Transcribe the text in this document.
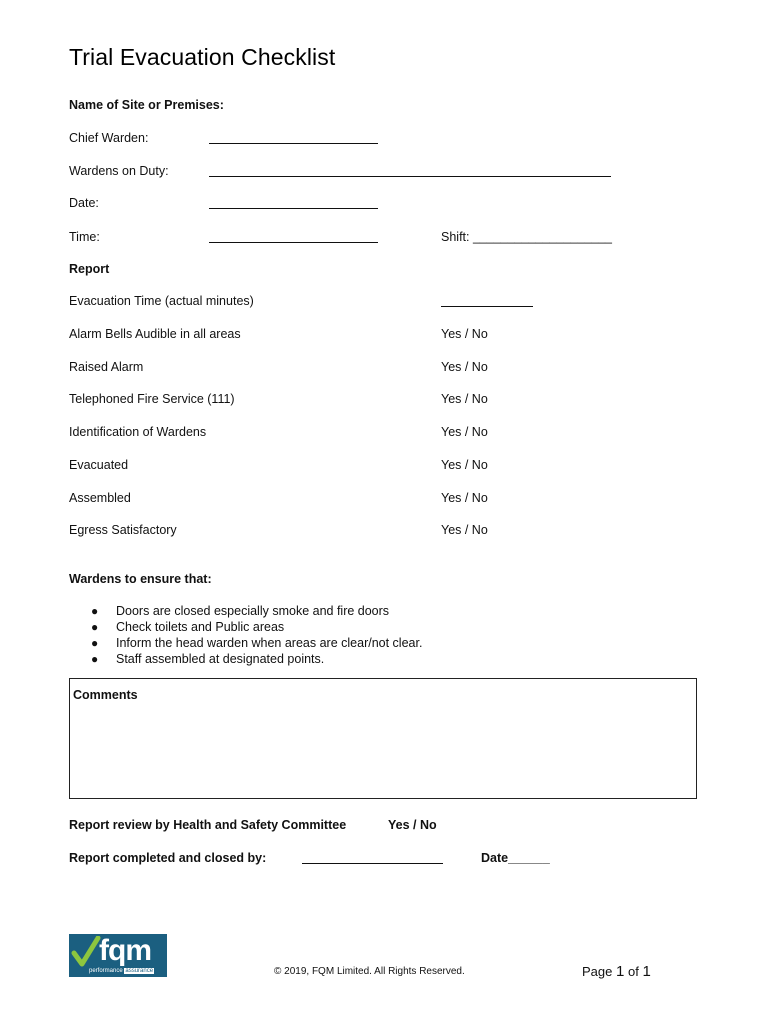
Trial Evacuation Checklist
Name of Site or Premises:
Chief Warden:
Wardens on Duty:
Date:
Time:	Shift: ____________________
Report
Evacuation Time (actual minutes)
Alarm Bells Audible in all areas	Yes / No
Raised Alarm	Yes / No
Telephoned Fire Service (111)	Yes / No
Identification of Wardens	Yes / No
Evacuated	Yes / No
Assembled	Yes / No
Egress Satisfactory	Yes / No
Wardens to ensure that:
● Doors are closed especially smoke and fire doors
● Check toilets and Public areas
● Inform the head warden when areas are clear/not clear.
● Staff assembled at designated points.
Comments
Report review by Health and Safety Committee	Yes / No
Report completed and closed by:	Date______
fqm
performance assurance	© 2019, FQM Limited. All Rights Reserved.	Page 1 of 1
